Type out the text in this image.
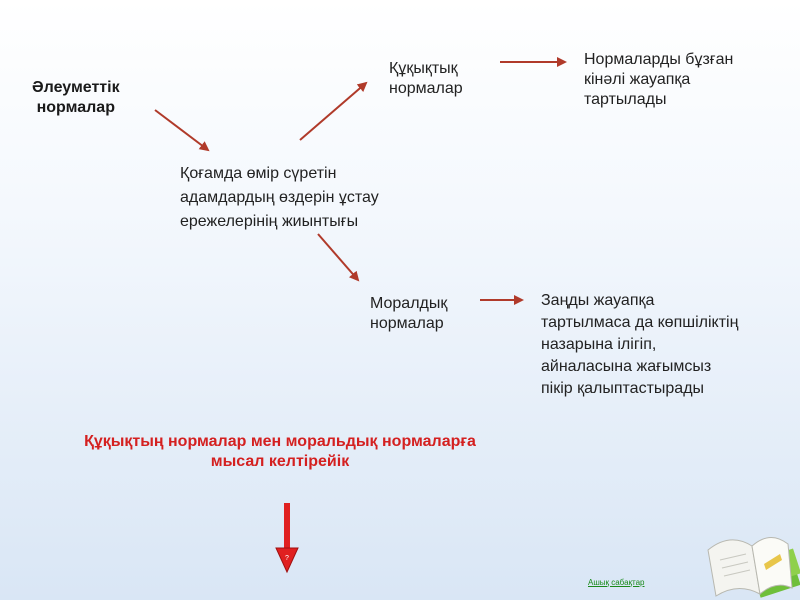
?
Әлеуметтік
нормалар
Қоғамда өмір сүретін
адамдардың өздерін ұстау
ережелерінің жиынтығы
Құқықтық
нормалар
Нормаларды бұзған
кінәлі жауапқа
тартылады
Моралдық
нормалар
Заңды жауапқа
тартылмаса да көпшіліктің
назарына ілігіп,
айналасына жағымсыз
пікір қалыптастырады
Құқықтың нормалар мен моральдық нормаларға
мысал келтірейік
Ашық сабақтар
